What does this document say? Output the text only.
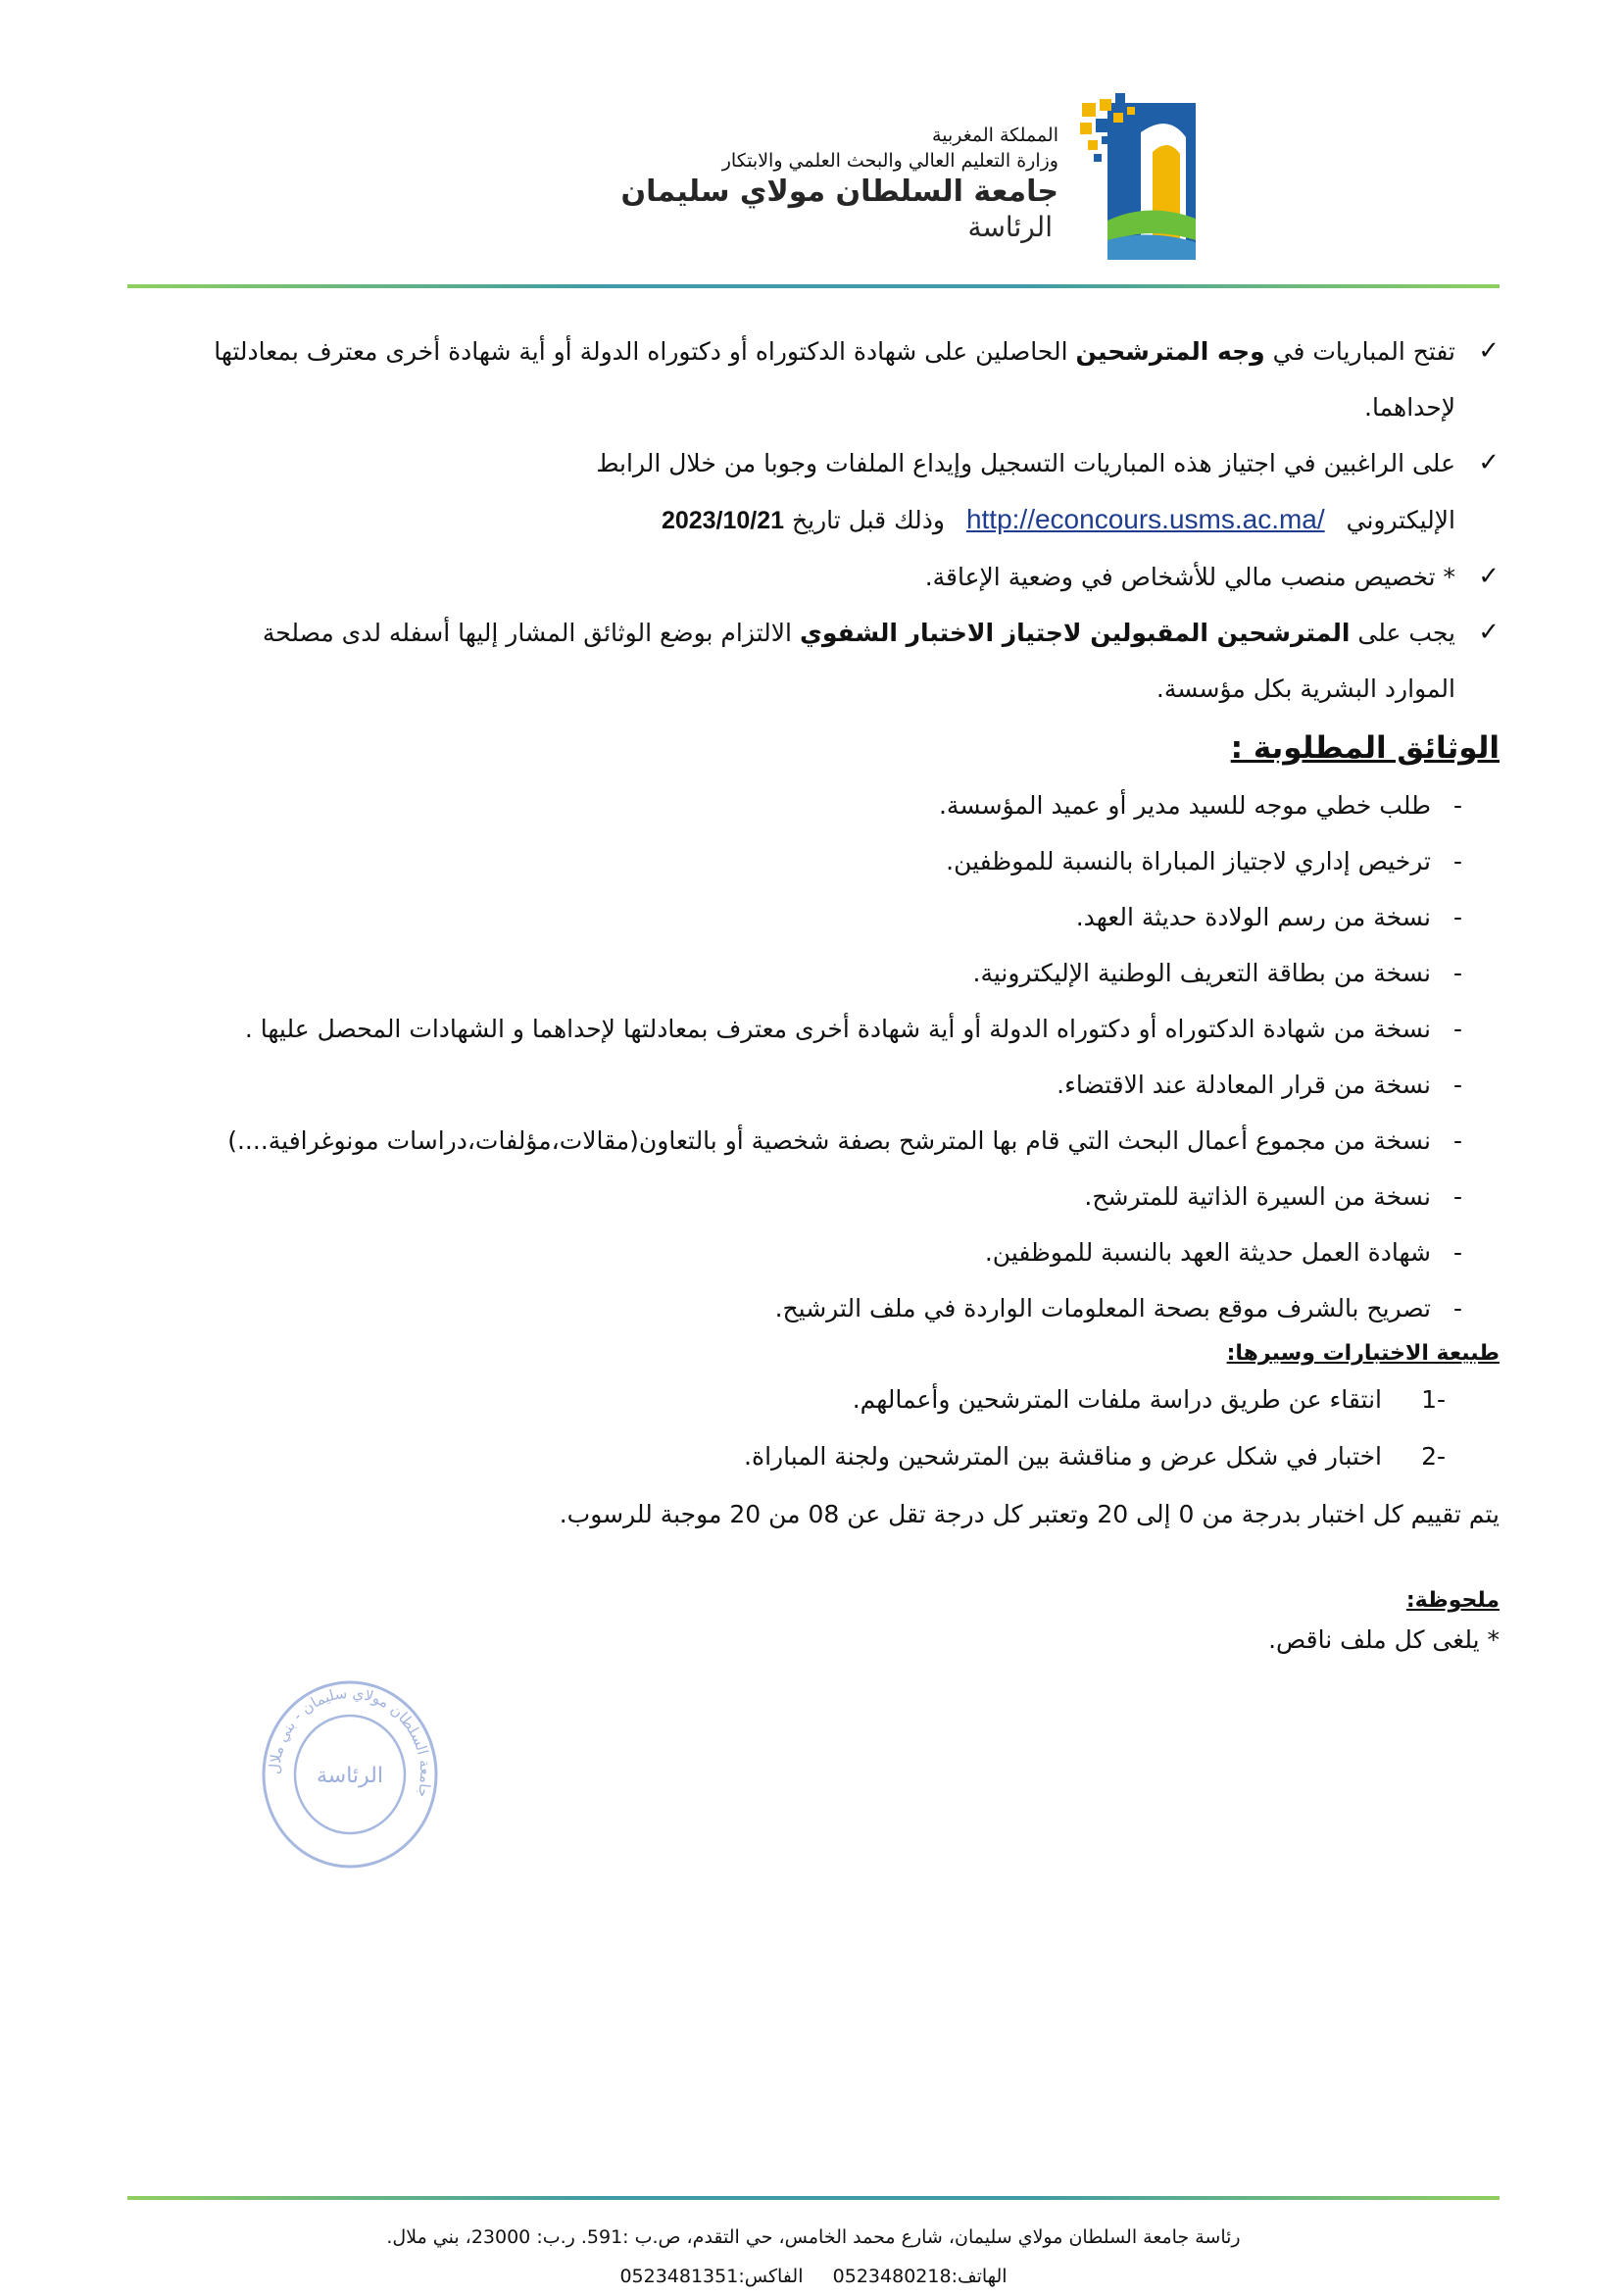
المملكة المغربية
وزارة التعليم العالي والبحث العلمي والابتكار
جامعة السلطان مولاي سليمان
الرئاسة
✓
تفتح المباريات في وجه المترشحين الحاصلين على شهادة الدكتوراه أو دكتوراه الدولة أو أية شهادة أخرى معترف بمعادلتها لإحداهما.
✓
على الراغبين في اجتياز هذه المباريات التسجيل وإيداع الملفات وجوبا من خلال الرابط
الإليكتروني http://econcours.usms.ac.ma/ وذلك قبل تاريخ 2023/10/21
✓
* تخصيص منصب مالي للأشخاص في وضعية الإعاقة.
✓
يجب على المترشحين المقبولين لاجتياز الاختبار الشفوي الالتزام بوضع الوثائق المشار إليها أسفله لدى مصلحة الموارد البشرية بكل مؤسسة.
الوثائق المطلوبة :
-
طلب خطي موجه للسيد مدير أو عميد المؤسسة.
-
ترخيص إداري لاجتياز المباراة بالنسبة للموظفين.
-
نسخة من رسم الولادة حديثة العهد.
-
نسخة من بطاقة التعريف الوطنية الإليكترونية.
-
نسخة من شهادة الدكتوراه أو دكتوراه الدولة أو أية شهادة أخرى معترف بمعادلتها لإحداهما و الشهادات المحصل عليها .
-
نسخة من قرار المعادلة عند الاقتضاء.
-
نسخة من مجموع أعمال البحث التي قام بها المترشح بصفة شخصية أو بالتعاون(مقالات،مؤلفات،دراسات مونوغرافية....)
-
نسخة من السيرة الذاتية للمترشح.
-
شهادة العمل حديثة العهد بالنسبة للموظفين.
-
تصريح بالشرف موقع بصحة المعلومات الواردة في ملف الترشيح.
طبيعة الاختبارات وسيرها:
-1
انتقاء عن طريق دراسة ملفات المترشحين وأعمالهم.
-2
اختبار في شكل عرض و مناقشة بين المترشحين ولجنة المباراة.
يتم تقييم كل اختبار بدرجة من 0 إلى 20 وتعتبر كل درجة تقل عن 08 من 20 موجبة للرسوب.
ملحوظة:
* يلغى كل ملف ناقص.
جامعة السلطان مولاي سليمان - بني ملال
الرئاسة
رئاسة جامعة السلطان مولاي سليمان، شارع محمد الخامس، حي التقدم، ص.ب :591. ر.ب: 23000، بني ملال.
الهاتف:0523480218     الفاكس:0523481351
